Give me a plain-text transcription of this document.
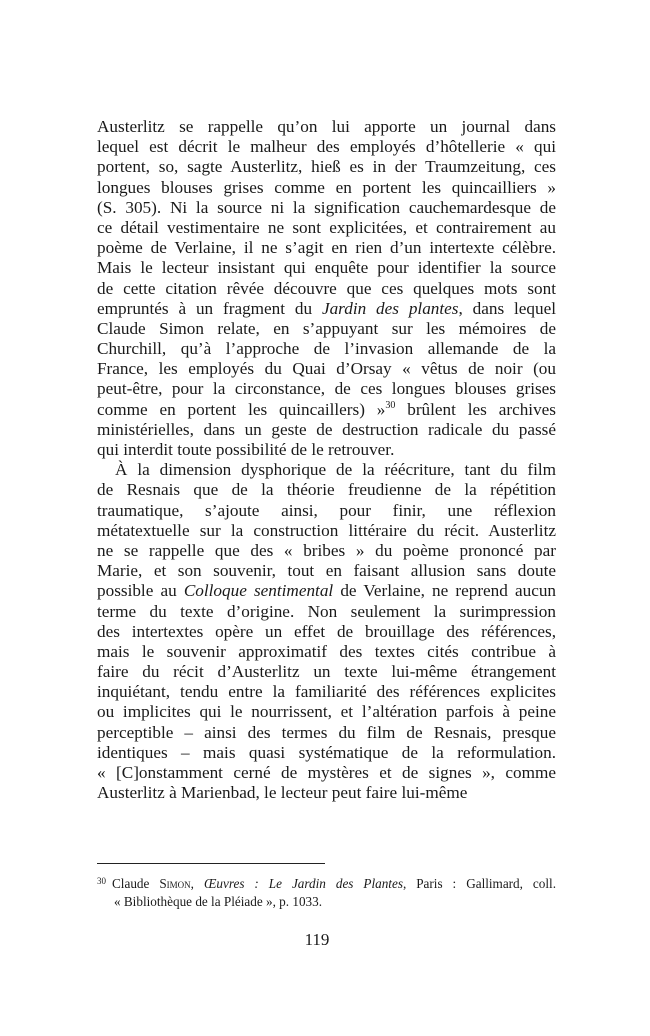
Austerlitz se rappelle qu’on lui apporte un journal dans
lequel est décrit le malheur des employés d’hôtellerie « qui
portent, so, sagte Austerlitz, hieß es in der Traumzeitung, ces
longues blouses grises comme en portent les quincailliers »
(S. 305). Ni la source ni la signification cauchemardesque de
ce détail vestimentaire ne sont explicitées, et contrairement au
poème de Verlaine, il ne s’agit en rien d’un intertexte célèbre.
Mais le lecteur insistant qui enquête pour identifier la source
de cette citation rêvée découvre que ces quelques mots sont
empruntés à un fragment du Jardin des plantes, dans lequel
Claude Simon relate, en s’appuyant sur les mémoires de
Churchill, qu’à l’approche de l’invasion allemande de la
France, les employés du Quai d’Orsay « vêtus de noir (ou
peut-être, pour la circonstance, de ces longues blouses grises
comme en portent les quincaillers) »$^{30}$ brûlent les archives
ministérielles, dans un geste de destruction radicale du passé
qui interdit toute possibilité de le retrouver.
À la dimension dysphorique de la réécriture, tant du film
de Resnais que de la théorie freudienne de la répétition
traumatique, s’ajoute ainsi, pour finir, une réflexion
métatextuelle sur la construction littéraire du récit. Austerlitz
ne se rappelle que des « bribes » du poème prononcé par
Marie, et son souvenir, tout en faisant allusion sans doute
possible au Colloque sentimental de Verlaine, ne reprend aucun
terme du texte d’origine. Non seulement la surimpression
des intertextes opère un effet de brouillage des références,
mais le souvenir approximatif des textes cités contribue à
faire du récit d’Austerlitz un texte lui-même étrangement
inquiétant, tendu entre la familiarité des références explicites
ou implicites qui le nourrissent, et l’altération parfois à peine
perceptible – ainsi des termes du film de Resnais, presque
identiques – mais quasi systématique de la reformulation.
« [C]onstamment cerné de mystères et de signes », comme
Austerlitz à Marienbad, le lecteur peut faire lui-même
$^{30}$ Claude Simon, Œuvres : Le Jardin des Plantes, Paris : Gallimard, coll.
« Bibliothèque de la Pléiade », p. 1033.
119
